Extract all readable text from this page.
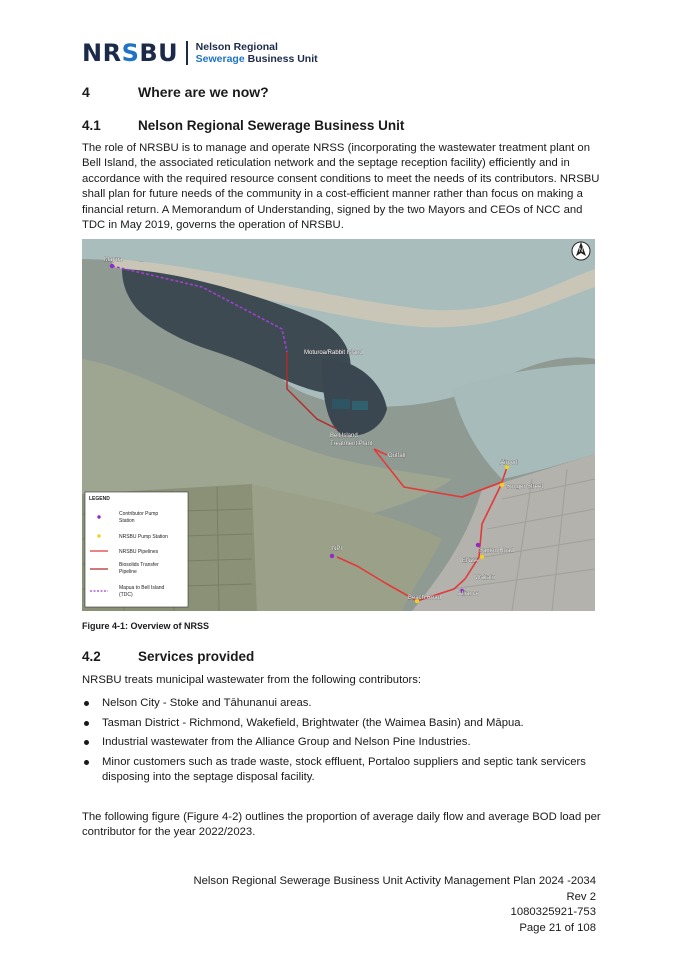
NRSBU Nelson Regional
Sewerage Business Unit
4	Where are we now?
4.1	Nelson Regional Sewerage Business Unit
The role of NRSBU is to manage and operate NRSS (incorporating the wastewater treatment plant on Bell Island, the associated reticulation network and the septage reception facility) efficiently and in accordance with the required resource consent conditions to meet the needs of its contributors. NRSBU shall plan for future needs of the community in a cost-efficient manner rather than focus on making a financial return. A Memorandum of Understanding, signed by the two Mayors and CEOs of NCC and TDC in May 2019, governs the operation of NRSBU.
N
Mapua
Moturoa/Rabbit Island
Bell Island
Treatment Plant
Outfall
Airport
Songer Street
NPI	Saxton Road
ENZA
Wakatu
Alliance
Beach Road
LEGEND
Contributor Pump
Station
NRSBU Pump Station
NRSBU Pipelines
Biosolids Transfer
Pipeline
Mapua to Bell Island
(TDC)
Figure 4-1: Overview of NRSS
4.2	Services provided
NRSBU treats municipal wastewater from the following contributors:
Nelson City - Stoke and Tāhunanui areas.
Tasman District - Richmond, Wakefield, Brightwater (the Waimea Basin) and Māpua.
Industrial wastewater from the Alliance Group and Nelson Pine Industries.
Minor customers such as trade waste, stock effluent, Portaloo suppliers and septic tank servicers disposing into the septage disposal facility.
The following figure (Figure 4-2) outlines the proportion of average daily flow and average BOD load per contributor for the year 2022/2023.
Nelson Regional Sewerage Business Unit Activity Management Plan 2024 -2034
Rev 2
1080325921-753
Page 21 of 108
